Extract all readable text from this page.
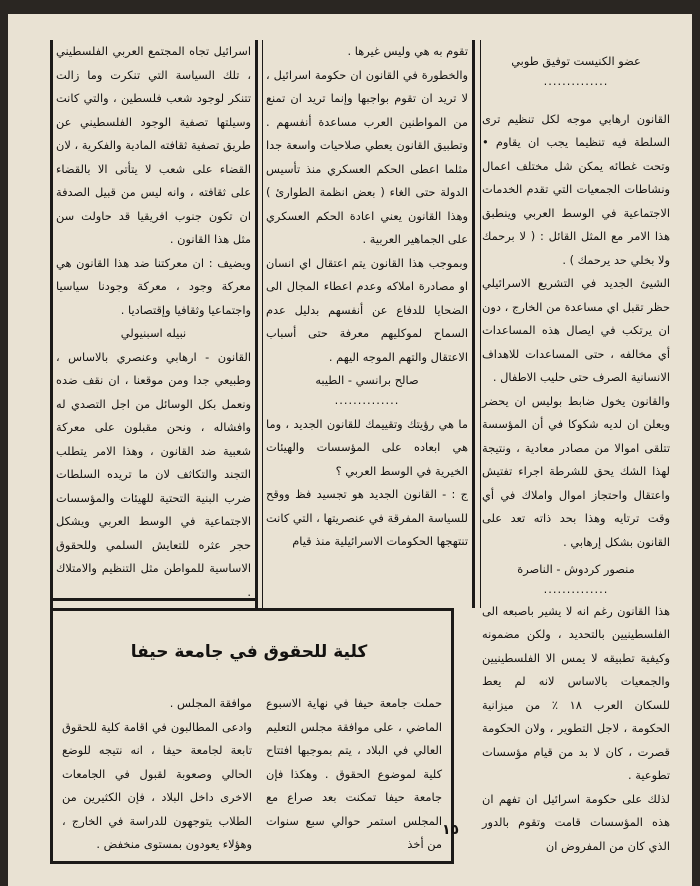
عضو الكنيست توفيق طوبي

..............

القانون ارهابي موجه لكل تنظيم ترى السلطة فيه تنظيما يجب ان يقاوم • وتحت غطائه يمكن شل مختلف اعمال ونشاطات الجمعيات التي تقدم الخدمات الاجتماعية في الوسط العربي وينطبق هذا الامر مع المثل القائل : ( لا برحمك ولا بخلي حد يرحمك ) .

الشيئ الجديد في التشريع الاسرائيلي حظر تقبل اي مساعدة من الخارج ، دون ان يرتكب في ايصال هذه المساعدات أي مخالفه ، حتى المساعدات للاهداف الانسانية الصرف حتى حليب الاطفال .

والقانون يخول ضابط بوليس ان يحضر ويعلن ان لديه شكوكا في أن المؤسسة تتلقى اموالا من مصادر معادية ، ونتيجة لهذا الشك يحق للشرطة اجراء تفتيش واعتقال واحتجاز اموال واملاك في أي وقت ترتايه وهذا بحد ذاته تعد على القانون بشكل إرهابي .

منصور كردوش - الناصرة

..............

هذا القانون رغم انه لا يشير باصبعه الى الفلسطينيين بالتحديد ، ولكن مضمونه وكيفية تطبيقه لا يمس الا الفلسطينيين والجمعيات بالاساس لانه لم يعط للسكان العرب ١٨ ٪ من ميزانية الحكومة ، لاجل التطوير ، ولان الحكومة قصرت ، كان لا بد من قيام مؤسسات تطوعية .

لذلك على حكومة اسرائيل ان تفهم ان هذه المؤسسات قامت وتقوم بالدور الذي كان من المفروض ان

تقوم به هي وليس غيرها .

والخطورة في القانون ان حكومة اسرائيل ، لا تريد ان تقوم بواجبها وإنما تريد ان تمنع من المواطنين العرب مساعدة أنفسهم . وتطبيق القانون يعطي صلاحيات واسعة جدا مثلما اعطى الحكم العسكري منذ تأسيس الدولة حتى الغاء ( بعض انظمة الطوارئ ) وهذا القانون يعني اعادة الحكم العسكري على الجماهير العربية .

وبموجب هذا القانون يتم اعتقال اي انسان او مصادرة املاكه وعدم اعطاء المجال الى الضحايا للدفاع عن أنفسهم بدليل عدم السماح لموكليهم معرفة حتى أسباب الاعتقال والتهم الموجه اليهم .

صالح برانسي - الطيبه

..............

ما هي رؤيتك وتقييمك للقانون الجديد ، وما هي ابعاده على المؤسسات والهيئات الخيرية في الوسط العربي ؟

ج : - القانون الجديد هو تجسيد فظ ووقح للسياسة المفرقة في عنصريتها ، التي كانت تنتهجها الحكومات الاسرائيلية منذ قيام

اسرائيل تجاه المجتمع العربي الفلسطيني ، تلك السياسة التي تنكرت وما زالت تتنكر لوجود شعب فلسطين ، والتي كانت وسيلتها تصفية الوجود الفلسطيني عن طريق تصفية ثقافته المادية والفكرية ، لان القضاء على شعب لا يتأتى الا بالقضاء على ثقافته ، وانه ليس من قبيل الصدفة ان تكون جنوب افريقيا قد حاولت سن مثل هذا القانون .

ويضيف : ان معركتنا ضد هذا القانون هي معركة وجود ، معركة وجودنا سياسيا واجتماعيا وثقافيا وإقتصاديا .

نبيله اسبنيولي

القانون - ارهابي وعنصري بالاساس ، وطبيعي جدا ومن موقعنا ، ان نقف ضده ونعمل بكل الوسائل من اجل التصدي له وافشاله ، ونحن مقبلون على معركة شعبية ضد القانون ، وهذا الامر يتطلب التجند والتكاثف لان ما تريده السلطات ضرب البنية التحتية للهيئات والمؤسسات الاجتماعية في الوسط العربي ويشكل حجر عثره للتعايش السلمي وللحقوق الاساسية للمواطن مثل التنظيم والامتلاك .

كلية للحقوق في جامعة حيفا

حملت جامعة حيفا في نهاية الاسبوع الماضي ، على موافقة مجلس التعليم العالي في البلاد ، يتم بموجبها افتتاح كلية لموضوع الحقوق . وهكذا فإن جامعة حيفا تمكنت بعد صراع مع المجلس استمر حوالي سبع سنوات من أخذ

موافقة المجلس .

وادعى المطالبون في اقامة كلية للحقوق تابعة لجامعة حيفا ، انه نتيجه للوضع الحالي وصعوبة لقبول في الجامعات الاخرى داخل البلاد ، فإن الكثيرين من الطلاب يتوجهون للدراسة في الخارج ، وهؤلاء يعودون بمستوى منخفض .

١٥
